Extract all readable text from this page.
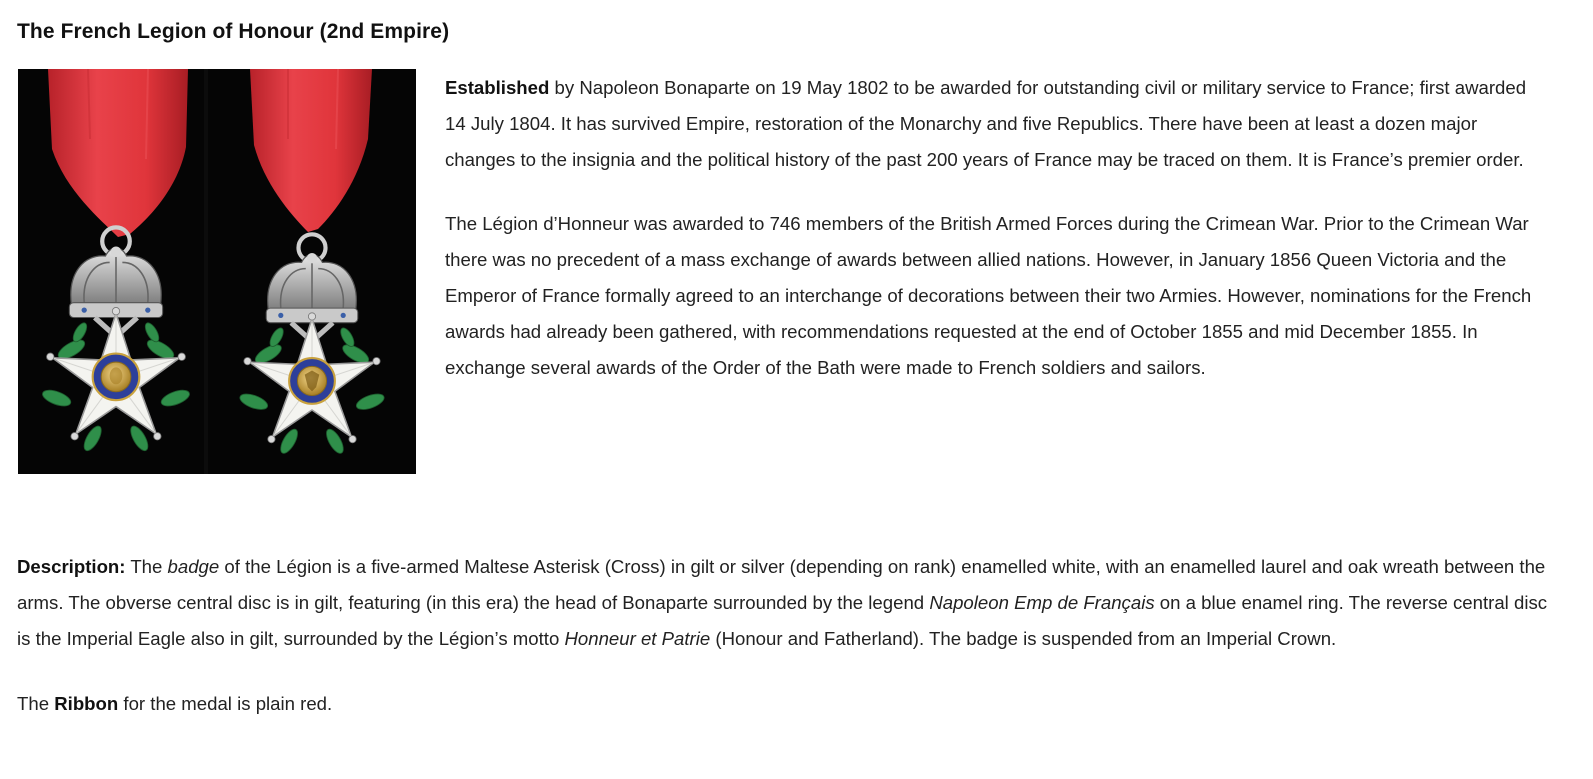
The French Legion of Honour (2nd Empire)

Established by Napoleon Bonaparte on 19 May 1802 to be awarded for outstanding civil or military service to France; first awarded 14 July 1804. It has survived Empire, restoration of the Monarchy and five Republics. There have been at least a dozen major changes to the insignia and the political history of the past 200 years of France may be traced on them. It is France’s premier order.

The Légion d’Honneur was awarded to 746 members of the British Armed Forces during the Crimean War. Prior to the Crimean War there was no precedent of a mass exchange of awards between allied nations. However, in January 1856 Queen Victoria and the Emperor of France formally agreed to an interchange of decorations between their two Armies. However, nominations for the French awards had already been gathered, with recommendations requested at the end of October 1855 and mid December 1855. In exchange several awards of the Order of the Bath were made to French soldiers and sailors.

Description: The badge of the Légion is a five-armed Maltese Asterisk (Cross) in gilt or silver (depending on rank) enamelled white, with an enamelled laurel and oak wreath between the arms. The obverse central disc is in gilt, featuring (in this era) the head of Bonaparte surrounded by the legend Napoleon Emp de Français on a blue enamel ring. The reverse central disc is the Imperial Eagle also in gilt, surrounded by the Légion’s motto Honneur et Patrie (Honour and Fatherland). The badge is suspended from an Imperial Crown.

The Ribbon for the medal is plain red.
